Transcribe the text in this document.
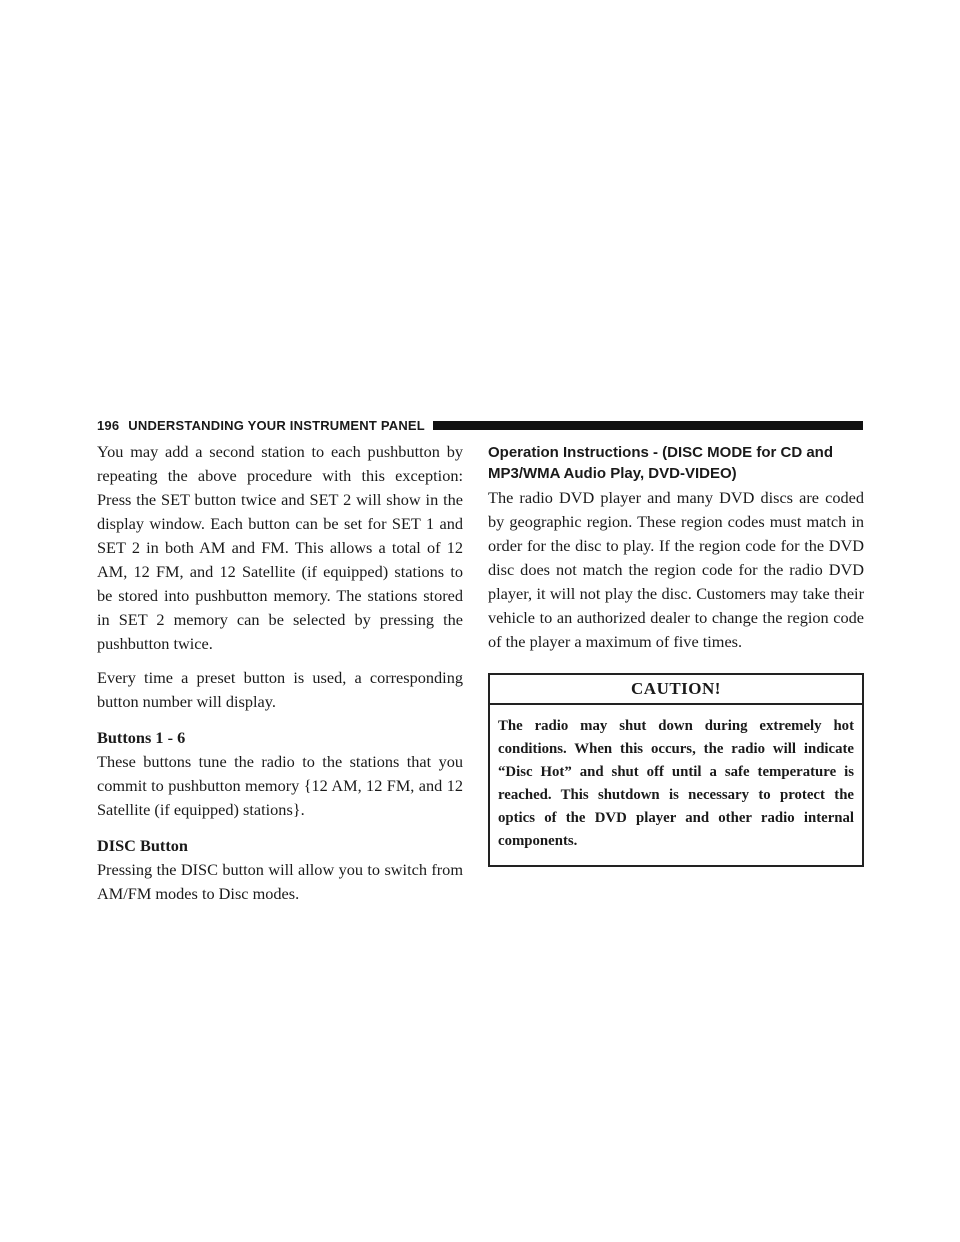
196 UNDERSTANDING YOUR INSTRUMENT PANEL

You may add a second station to each pushbutton by repeating the above procedure with this exception: Press the SET button twice and SET 2 will show in the display window. Each button can be set for SET 1 and SET 2 in both AM and FM. This allows a total of 12 AM, 12 FM, and 12 Satellite (if equipped) stations to be stored into pushbutton memory. The stations stored in SET 2 memory can be selected by pressing the pushbutton twice.

Every time a preset button is used, a corresponding button number will display.

Buttons 1 - 6

These buttons tune the radio to the stations that you commit to pushbutton memory {12 AM, 12 FM, and 12 Satellite (if equipped) stations}.

DISC Button

Pressing the DISC button will allow you to switch from AM/FM modes to Disc modes.

Operation Instructions - (DISC MODE for CD and MP3/WMA Audio Play, DVD-VIDEO)

The radio DVD player and many DVD discs are coded by geographic region. These region codes must match in order for the disc to play. If the region code for the DVD disc does not match the region code for the radio DVD player, it will not play the disc. Customers may take their vehicle to an authorized dealer to change the region code of the player a maximum of five times.

CAUTION!
The radio may shut down during extremely hot conditions. When this occurs, the radio will indicate “Disc Hot” and shut off until a safe temperature is reached. This shutdown is necessary to protect the optics of the DVD player and other radio internal components.
